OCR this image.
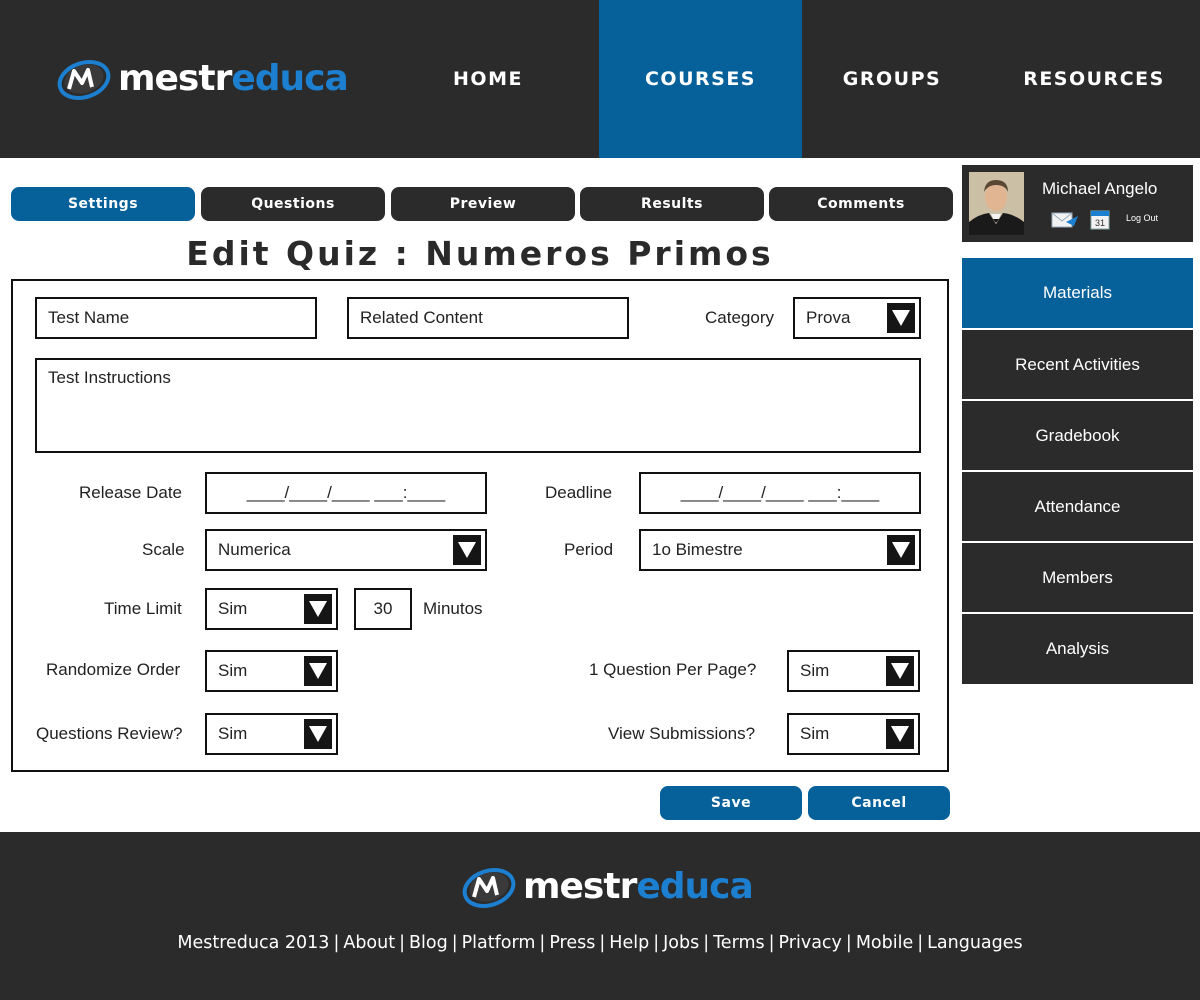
mestreduca	HOME	COURSES	GROUPS	RESOURCES
Settings	Questions	Preview	Results	Comments
Edit Quiz : Numeros Primos
Test Name	Related Content	Category Prova
Test Instructions
Release Date	____/____/____ ___:____	Deadline	____/____/____ ___:____
Scale Numerica	Period 1o Bimestre
Time Limit Sim	30	Minutos
Randomize Order Sim	1 Question Per Page?	Sim
Questions Review? Sim	View Submissions?	Sim
Save	Cancel
Michael Angelo
31 Log Out
Materials
Recent Activities
Gradebook
Attendance
Members
Analysis
mestreduca
Mestreduca 2013 | About | Blog | Platform | Press | Help | Jobs | Terms | Privacy | Mobile | Languages
